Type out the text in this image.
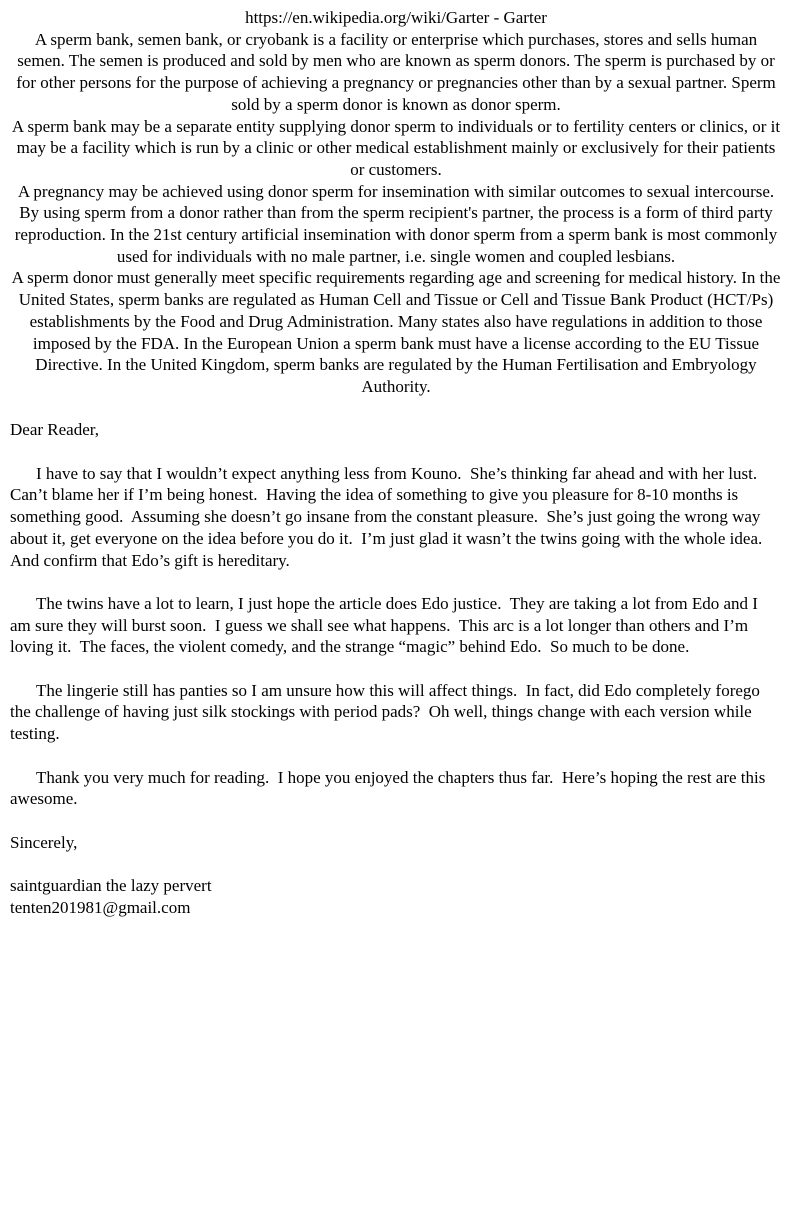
https://en.wikipedia.org/wiki/Garter - Garter

A sperm bank, semen bank, or cryobank is a facility or enterprise which purchases, stores and sells human semen. The semen is produced and sold by men who are known as sperm donors. The sperm is purchased by or for other persons for the purpose of achieving a pregnancy or pregnancies other than by a sexual partner. Sperm sold by a sperm donor is known as donor sperm.

A sperm bank may be a separate entity supplying donor sperm to individuals or to fertility centers or clinics, or it may be a facility which is run by a clinic or other medical establishment mainly or exclusively for their patients or customers.

A pregnancy may be achieved using donor sperm for insemination with similar outcomes to sexual intercourse. By using sperm from a donor rather than from the sperm recipient's partner, the process is a form of third party reproduction. In the 21st century artificial insemination with donor sperm from a sperm bank is most commonly used for individuals with no male partner, i.e. single women and coupled lesbians.

A sperm donor must generally meet specific requirements regarding age and screening for medical history. In the United States, sperm banks are regulated as Human Cell and Tissue or Cell and Tissue Bank Product (HCT/Ps) establishments by the Food and Drug Administration. Many states also have regulations in addition to those imposed by the FDA. In the European Union a sperm bank must have a license according to the EU Tissue Directive. In the United Kingdom, sperm banks are regulated by the Human Fertilisation and Embryology Authority.

Dear Reader,

I have to say that I wouldn’t expect anything less from Kouno.  She’s thinking far ahead and with her lust.  Can’t blame her if I’m being honest.  Having the idea of something to give you pleasure for 8-10 months is something good.  Assuming she doesn’t go insane from the constant pleasure.  She’s just going the wrong way about it, get everyone on the idea before you do it.  I’m just glad it wasn’t the twins going with the whole idea.  And confirm that Edo’s gift is hereditary.

The twins have a lot to learn, I just hope the article does Edo justice.  They are taking a lot from Edo and I am sure they will burst soon.  I guess we shall see what happens.  This arc is a lot longer than others and I’m loving it.  The faces, the violent comedy, and the strange “magic” behind Edo.  So much to be done.

The lingerie still has panties so I am unsure how this will affect things.  In fact, did Edo completely forego the challenge of having just silk stockings with period pads?  Oh well, things change with each version while testing.

Thank you very much for reading.  I hope you enjoyed the chapters thus far.  Here’s hoping the rest are this awesome.

Sincerely,
saintguardian the lazy pervert
tenten201981@gmail.com
